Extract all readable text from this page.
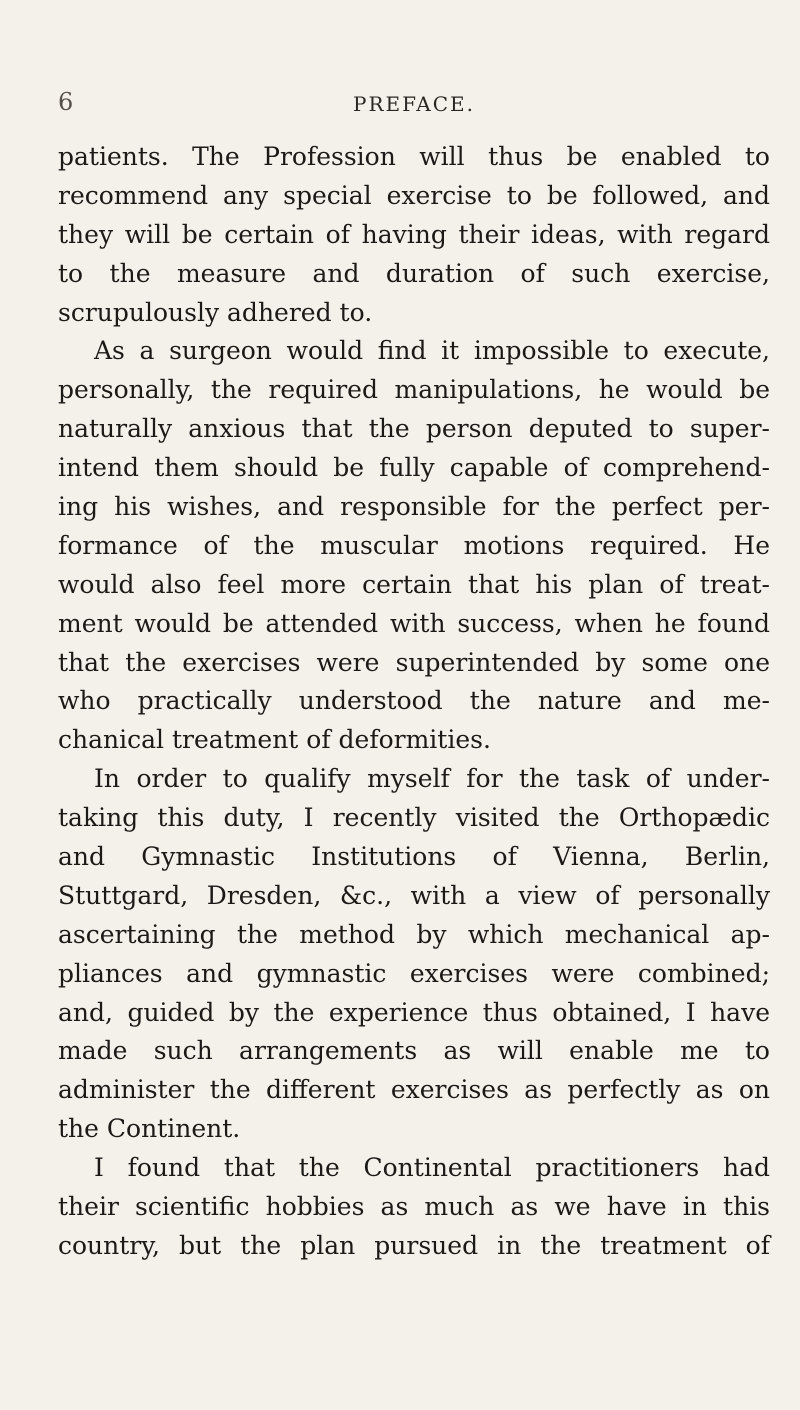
6	PREFACE.
patients. The Profession will thus be enabled to
recommend any special exercise to be followed, and
they will be certain of having their ideas, with regard
to the measure and duration of such exercise,
scrupulously adhered to.
As a surgeon would find it impossible to execute,
personally, the required manipulations, he would be
naturally anxious that the person deputed to super-
intend them should be fully capable of comprehend-
ing his wishes, and responsible for the perfect per-
formance of the muscular motions required. He
would also feel more certain that his plan of treat-
ment would be attended with success, when he found
that the exercises were superintended by some one
who practically understood the nature and me-
chanical treatment of deformities.
In order to qualify myself for the task of under-
taking this duty, I recently visited the Orthopædic
and Gymnastic Institutions of Vienna, Berlin,
Stuttgard, Dresden, &c., with a view of personally
ascertaining the method by which mechanical ap-
pliances and gymnastic exercises were combined;
and, guided by the experience thus obtained, I have
made such arrangements as will enable me to
administer the different exercises as perfectly as on
the Continent.
I found that the Continental practitioners had
their scientific hobbies as much as we have in this
country, but the plan pursued in the treatment of
